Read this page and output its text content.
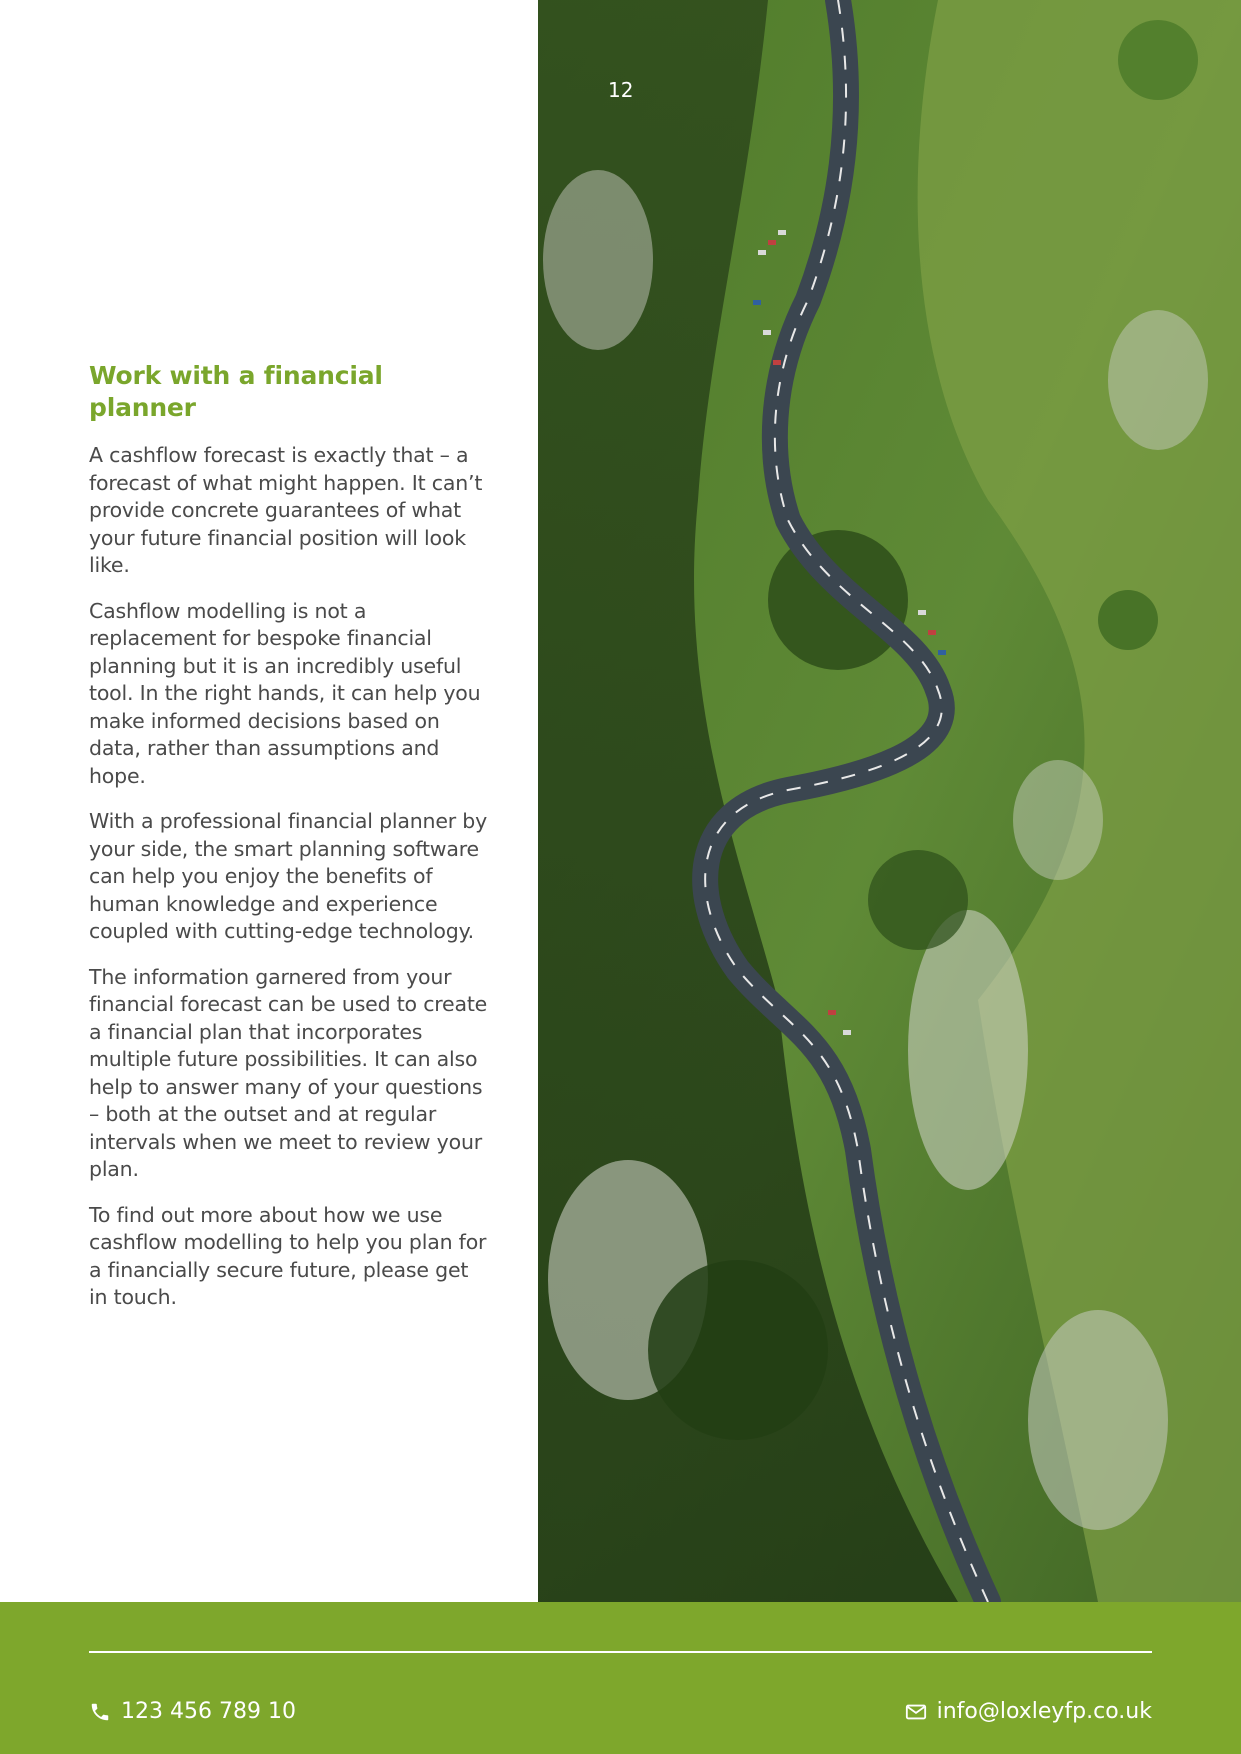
Work with a financial planner

A cashflow forecast is exactly that – a forecast of what might happen. It can’t provide concrete guarantees of what your future financial position will look like.

Cashflow modelling is not a replacement for bespoke financial planning but it is an incredibly useful tool. In the right hands, it can help you make informed decisions based on data, rather than assumptions and hope.

With a professional financial planner by your side, the smart planning software can help you enjoy the benefits of human knowledge and experience coupled with cutting-edge technology.

The information garnered from your financial forecast can be used to create a financial plan that incorporates multiple future possibilities. It can also help to answer many of your questions – both at the outset and at regular intervals when we meet to review your plan.

To find out more about how we use cashflow modelling to help you plan for a financially secure future, please get in touch.

12
123 456 789 10	info@loxleyfp.co.uk
